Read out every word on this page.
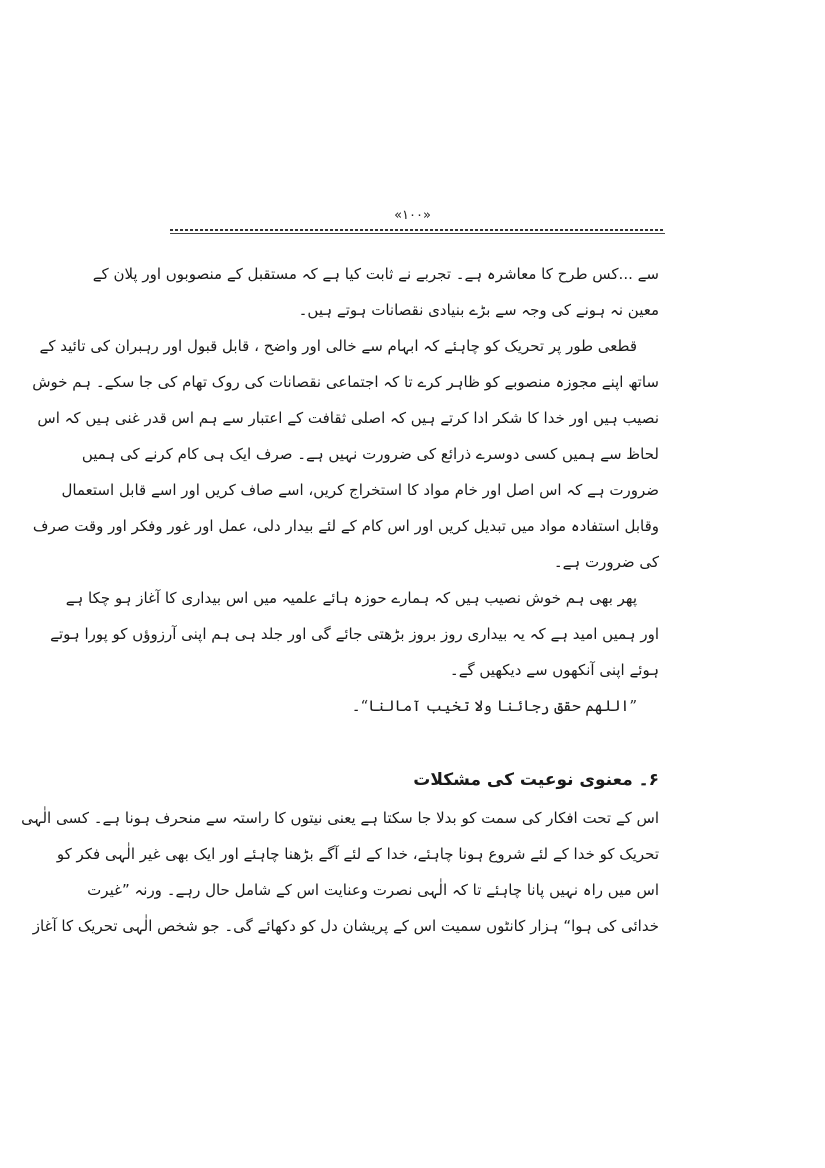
«۱۰۰»
سے ...کس طرح کا معاشرہ ہے۔ تجربے نے ثابت کیا ہے کہ مستقبل کے منصوبوں اور پلان کے
معین نہ ہونے کی وجہ سے بڑے بنیادی نقصانات ہوتے ہیں۔
قطعی طور پر تحریک کو چاہئے کہ ابہام سے خالی اور واضح ، قابل قبول اور رہبران کی تائید کے
ساتھ اپنے مجوزہ منصوبے کو ظاہر کرے تا کہ اجتماعی نقصانات کی روک تھام کی جا سکے۔ ہم خوش
نصیب ہیں اور خدا کا شکر ادا کرتے ہیں کہ اصلی ثقافت کے اعتبار سے ہم اس قدر غنی ہیں کہ اس
لحاظ سے ہمیں کسی دوسرے ذرائع کی ضرورت نہیں ہے۔ صرف ایک ہی کام کرنے کی ہمیں
ضرورت ہے کہ اس اصل اور خام مواد کا استخراج کریں، اسے صاف کریں اور اسے قابل استعمال
وقابل استفادہ مواد میں تبدیل کریں اور اس کام کے لئے بیدار دلی، عمل اور غور وفکر اور وقت صرف
کی ضرورت ہے۔
پھر بھی ہم خوش نصیب ہیں کہ ہمارے حوزہ ہائے علمیہ میں اس بیداری کا آغاز ہو چکا ہے
اور ہمیں امید ہے کہ یہ بیداری روز بروز بڑھتی جائے گی اور جلد ہی ہم اپنی آرزوؤں کو پورا ہوتے
ہوئے اپنی آنکھوں سے دیکھیں گے۔
”اللھم حقق رجائنا ولا تخیب آمالنا“۔
۶۔ معنوی نوعیت کی مشکلات
اس کے تحت افکار کی سمت کو بدلا جا سکتا ہے یعنی نیتوں کا راستہ سے منحرف ہونا ہے۔ کسی الٰہی
تحریک کو خدا کے لئے شروع ہونا چاہئے، خدا کے لئے آگے بڑھنا چاہئے اور ایک بھی غیر الٰہی فکر کو
اس میں راہ نہیں پانا چاہئے تا کہ الٰہی نصرت وعنایت اس کے شامل حال رہے۔ ورنہ ”غیرت
خدائی کی ہوا“ ہزار کانٹوں سمیت اس کے پریشان دل کو دکھائے گی۔ جو شخص الٰہی تحریک کا آغاز
